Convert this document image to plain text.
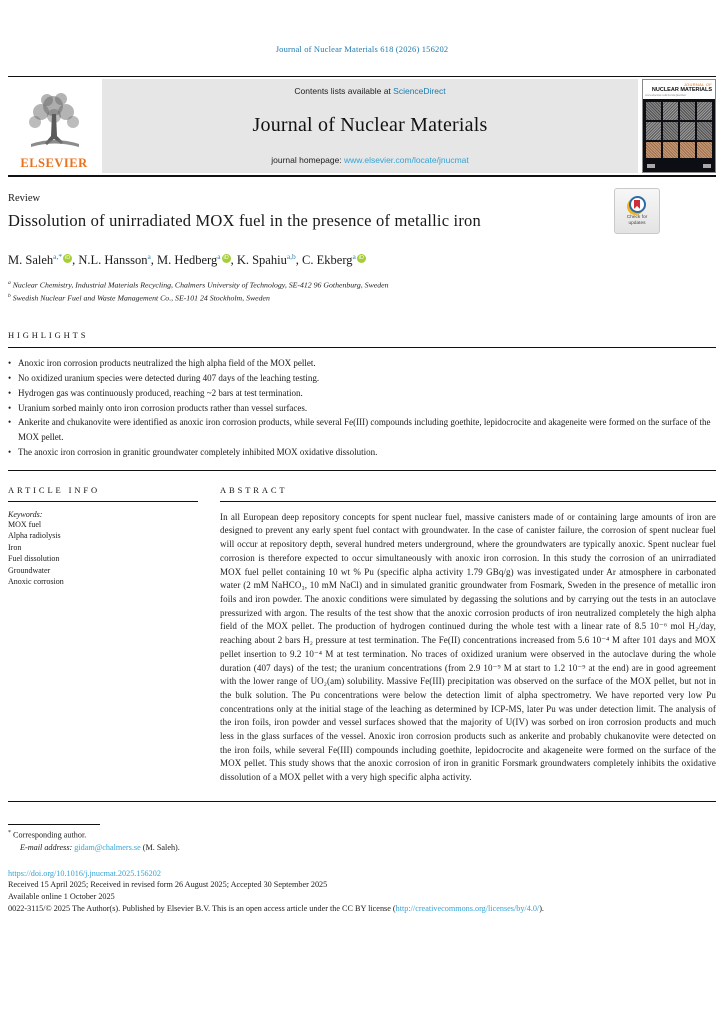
Journal of Nuclear Materials 618 (2026) 156202
ELSEVIER
Contents lists available at ScienceDirect
Journal of Nuclear Materials
journal homepage: www.elsevier.com/locate/jnucmat
JOURNAL OF
NUCLEAR MATERIALS
www.elsevier.com/locate/jnucmat
Review
Dissolution of unirradiated MOX fuel in the presence of metallic iron	Check for
updates
M. Saleh$^{a,*}$ iD , N.L. Hansson$^a$, M. Hedberg$^a$ iD , K. Spahiu$^{a,b}$, C. Ekberg$^a$ iD
$^a$ Nuclear Chemistry, Industrial Materials Recycling, Chalmers University of Technology, SE-412 96 Gothenburg, Sweden
$^b$ Swedish Nuclear Fuel and Waste Management Co., SE-101 24 Stockholm, Sweden
HIGHLIGHTS
• Anoxic iron corrosion products neutralized the high alpha field of the MOX pellet.
• No oxidized uranium species were detected during 407 days of the leaching testing.
• Hydrogen gas was continuously produced, reaching ~2 bars at test termination.
• Uranium sorbed mainly onto iron corrosion products rather than vessel surfaces.
• Ankerite and chukanovite were identified as anoxic iron corrosion products, while several Fe(III) compounds including goethite, lepidocrocite and akageneite were formed on the surface of the MOX pellet.
• The anoxic iron corrosion in granitic groundwater completely inhibited MOX oxidative dissolution.
ARTICLE INFO
Keywords:
MOX fuel
Alpha radiolysis
Iron
Fuel dissolution
Groundwater
Anoxic corrosion
ABSTRACT

In all European deep repository concepts for spent nuclear fuel, massive canisters made of or containing large amounts of iron are designed to prevent any early spent fuel contact with groundwater. In the case of canister failure, the corrosion of spent nuclear fuel will occur at repository depth, several hundred meters underground, where the groundwaters are typically anoxic. Spent nuclear fuel corrosion is therefore expected to occur simultaneously with anoxic iron corrosion. In this study the corrosion of an unirradiated MOX fuel pellet containing 10 wt % Pu (specific alpha activity 1.79 GBq/g) was investigated under Ar atmosphere in carbonated water (2 mM NaHCO₃, 10 mM NaCl) and in simulated granitic groundwater from Fosmark, Sweden in the presence of metallic iron foils and iron powder. The anoxic conditions were simulated by degassing the solutions and by carrying out the tests in an autoclave pressurized with argon. The results of the test show that the anoxic corrosion products of iron neutralized completely the high alpha field of the MOX pellet. The production of hydrogen continued during the whole test with a linear rate of 8.5 10⁻⁶ mol H₂/day, reaching about 2 bars H₂ pressure at test termination. The Fe(II) concentrations increased from 5.6 10⁻⁴ M after 101 days and MOX pellet insertion to 9.2 10⁻⁴ M at test termination. No traces of oxidized uranium were observed in the autoclave during the whole duration (407 days) of the test; the uranium concentrations (from 2.9 10⁻⁹ M at start to 1.2 10⁻⁹ at the end) are in good agreement with the lower range of UO₂(am) solubility. Massive Fe(III) precipitation was observed on the surface of the MOX pellet, but not in the bulk solution. The Pu concentrations were below the detection limit of alpha spectrometry. We have reported very low Pu concentrations only at the initial stage of the leaching as determined by ICP-MS, later Pu was under detection limit. The analysis of the iron foils, iron powder and vessel surfaces showed that the majority of U(IV) was sorbed on iron corrosion products and much less in the glass surfaces of the vessel. Anoxic iron corrosion products such as ankerite and probably chukanovite were detected on the iron foils, while several Fe(III) compounds including goethite, lepidocrocite and akageneite were formed on the surface of the MOX pellet. This study shows that the anoxic corrosion of iron in granitic Forsmark groundwaters completely inhibits the oxidative dissolution of a MOX pellet with a very high specific alpha activity.

* Corresponding author.
E-mail address: gidam@chalmers.se (M. Saleh).
https://doi.org/10.1016/j.jnucmat.2025.156202
Received 15 April 2025; Received in revised form 26 August 2025; Accepted 30 September 2025
Available online 1 October 2025
0022-3115/© 2025 The Author(s). Published by Elsevier B.V. This is an open access article under the CC BY license (http://creativecommons.org/licenses/by/4.0/).
